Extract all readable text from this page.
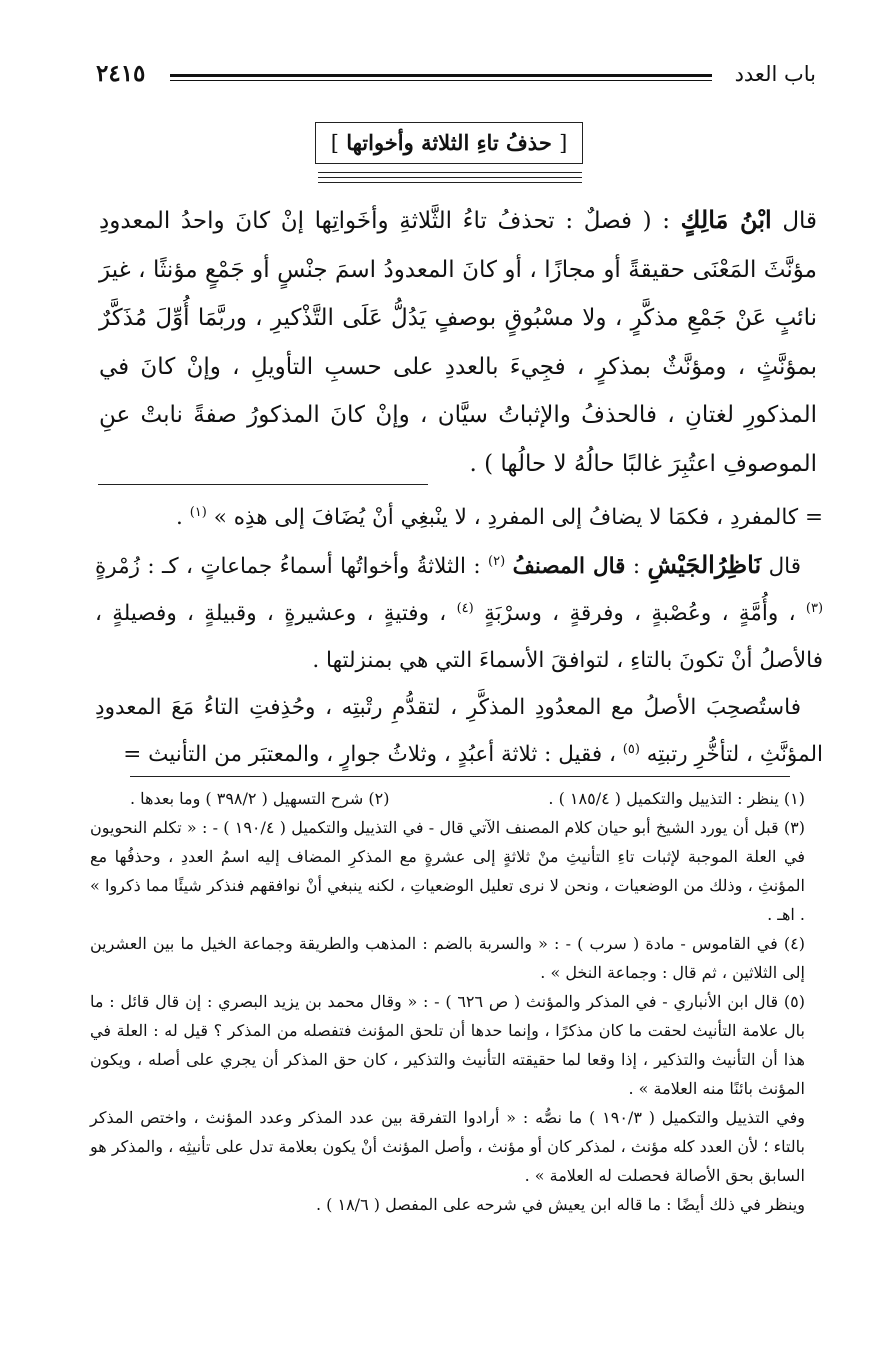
باب العدد
٢٤١٥
[ حذفُ تاءِ الثلاثة وأخواتها ]
قال ابْنُ مَالِكٍ : ( فصلٌ : تحذفُ تاءُ الثَّلاثةِ وأخَواتِها إنْ كانَ واحدُ المعدودِ مؤنَّثَ المَعْنَى حقيقةً أو مجازًا ، أو كانَ المعدودُ اسمَ جنْسٍ أو جَمْعٍ مؤنثًا ، غيرَ نائبٍ عَنْ جَمْعِ مذكَّرٍ ، ولا مسْبُوقٍ بوصفٍ يَدُلُّ عَلَى التَّذْكيرِ ، وربَّمَا أُوِّلَ مُذَكَّرٌ بمؤنَّثٍ ، ومؤنَّثٌ بمذكرٍ ، فجِيءَ بالعددِ على حسبِ التأويلِ ، وإنْ كانَ في المذكورِ لغتانِ ، فالحذفُ والإثباتُ سيَّان ، وإنْ كانَ المذكورُ صفةً نابتْ عنِ الموصوفِ اعتُبِرَ غالبًا حالُهُ لا حالُها ) .
= كالمفردِ ، فكمَا لا يضافُ إلى المفردِ ، لا ينْبغِي أنْ يُضَافَ إلى هذِه » $^{(١)}$ .
قال نَاظِرُالجَيْشِ : قال المصنفُ $^{(٢)}$ : الثلاثةُ وأخواتُها أسماءُ جماعاتٍ ، كـ : زُمْرةٍ $^{(٣)}$ ، وأُمَّةٍ ، وعُصْبةٍ ، وفرقةٍ ، وسرْبَةٍ $^{(٤)}$ ، وفتيةٍ ، وعشيرةٍ ، وقبيلةٍ ، وفصيلةٍ ، فالأصلُ أنْ تكونَ بالتاءِ ، لتوافقَ الأسماءَ التي هي بمنزلتها .
فاستُصحِبَ الأصلُ مع المعدُودِ المذكَّرِ ، لتقدُّمِ رتْبتِه ، وحُذِفتِ التاءُ مَعَ المعدودِ المؤنَّثِ ، لتأخُّرِ رتبتِه $^{(٥)}$ ، فقيل : ثلاثة أعبُدٍ ، وثلاثُ جوارٍ ، والمعتبَر من التأنيث =
(١) ينظر : التذييل والتكميل ( ١٨٥/٤ ) .
(٢) شرح التسهيل ( ٣٩٨/٢ ) وما بعدها .

(٣) قبل أن يورد الشيخ أبو حيان كلام المصنف الآتي قال - في التذييل والتكميل ( ١٩٠/٤ ) - : « تكلم النحويون في العلة الموجبة لإثبات تاءِ التأنيثِ منْ ثلاثةٍ إلى عشرةٍ مع المذكرِ المضاف إليه اسمُ العددِ ، وحذفُها مع المؤنثِ ، وذلك من الوضعيات ، ونحن لا نرى تعليل الوضعياتِ ، لكنه ينبغي أنْ نوافقهم فنذكر شيئًا مما ذكروا » . اهـ .

(٤) في القاموس - مادة ( سرب ) - : « والسربة بالضم : المذهب والطريقة وجماعة الخيل ما بين العشرين إلى الثلاثين ، ثم قال : وجماعة النخل » .

(٥) قال ابن الأنباري - في المذكر والمؤنث ( ص ٦٢٦ ) - : « وقال محمد بن يزيد البصري : إن قال قائل : ما بال علامة التأنيث لحقت ما كان مذكرًا ، وإنما حدها أن تلحق المؤنث فتفصله من المذكر ؟ قيل له : العلة في هذا أن التأنيث والتذكير ، إذا وقعا لما حقيقته التأنيث والتذكير ، كان حق المذكر أن يجري على أصله ، ويكون المؤنث بائنًا منه العلامة » .

وفي التذييل والتكميل ( ١٩٠/٣ ) ما نصُّه : « أرادوا التفرقة بين عدد المذكر وعدد المؤنث ، واختص المذكر بالتاء ؛ لأن العدد كله مؤنث ، لمذكر كان أو مؤنث ، وأصل المؤنث أنْ يكون بعلامة تدل على تأنيثِه ، والمذكر هو السابق بحق الأصالة فحصلت له العلامة » .

وينظر في ذلك أيضًا : ما قاله ابن يعيش في شرحه على المفصل ( ١٨/٦ ) .
